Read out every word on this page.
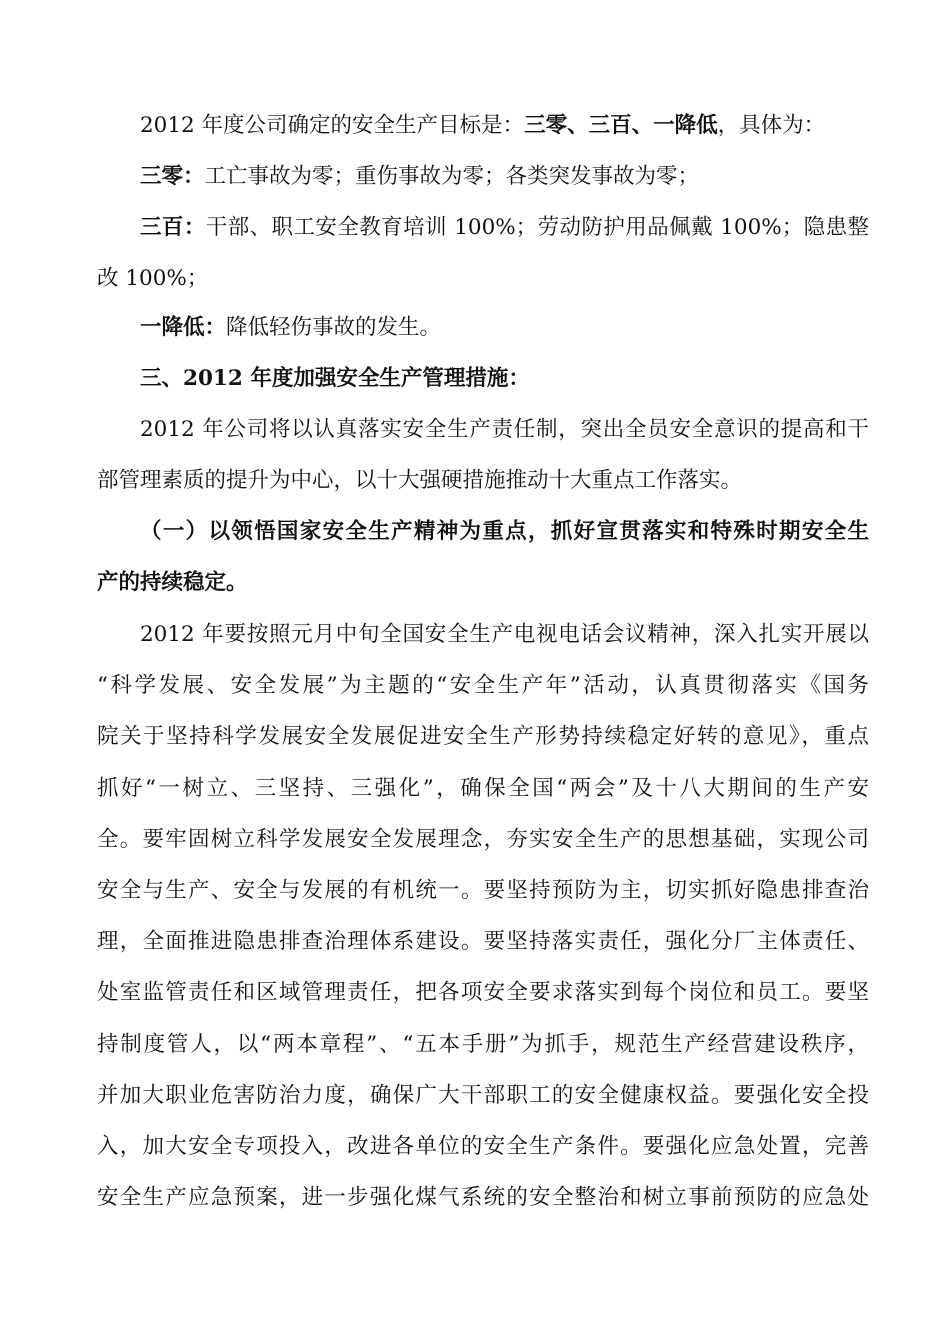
2012 年度公司确定的安全生产目标是：三零、三百、一降低，具体为：

三零：工亡事故为零；重伤事故为零；各类突发事故为零；

三百：干部、职工安全教育培训 100%；劳动防护用品佩戴 100%；隐患整
改 100%；

一降低：降低轻伤事故的发生。

三、2012 年度加强安全生产管理措施：

2012 年公司将以认真落实安全生产责任制，突出全员安全意识的提高和干
部管理素质的提升为中心，以十大强硬措施推动十大重点工作落实。

（一）以领悟国家安全生产精神为重点，抓好宣贯落实和特殊时期安全生
产的持续稳定。

2012 年要按照元月中旬全国安全生产电视电话会议精神，深入扎实开展以
“科学发展、安全发展”为主题的“安全生产年”活动，认真贯彻落实《国务
院关于坚持科学发展安全发展促进安全生产形势持续稳定好转的意见》，重点
抓好“一树立、三坚持、三强化”，确保全国“两会”及十八大期间的生产安
全。要牢固树立科学发展安全发展理念，夯实安全生产的思想基础，实现公司
安全与生产、安全与发展的有机统一。要坚持预防为主，切实抓好隐患排查治
理，全面推进隐患排查治理体系建设。要坚持落实责任，强化分厂主体责任、
处室监管责任和区域管理责任，把各项安全要求落实到每个岗位和员工。要坚
持制度管人，以“两本章程”、“五本手册”为抓手，规范生产经营建设秩序，
并加大职业危害防治力度，确保广大干部职工的安全健康权益。要强化安全投
入，加大安全专项投入，改进各单位的安全生产条件。要强化应急处置，完善
安全生产应急预案，进一步强化煤气系统的安全整治和树立事前预防的应急处
